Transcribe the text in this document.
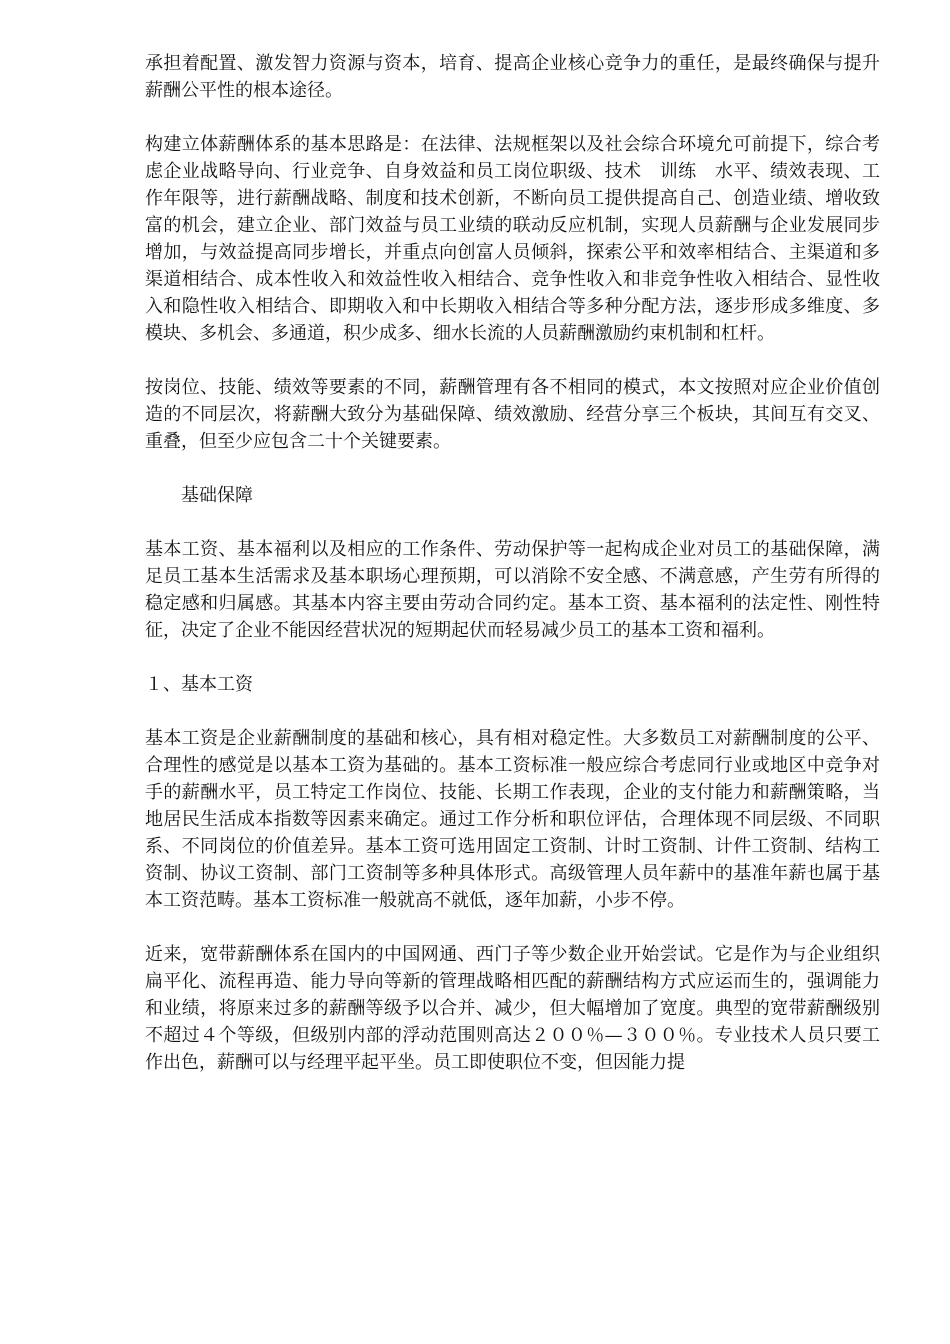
承担着配置、激发智力资源与资本，培育、提高企业核心竞争力的重任，是最终确保与提升薪酬公平性的根本途径。

构建立体薪酬体系的基本思路是：在法律、法规框架以及社会综合环境允可前提下，综合考虑企业战略导向、行业竞争、自身效益和员工岗位职级、技术　训练　水平、绩效表现、工作年限等，进行薪酬战略、制度和技术创新，不断向员工提供提高自己、创造业绩、增收致富的机会，建立企业、部门效益与员工业绩的联动反应机制，实现人员薪酬与企业发展同步增加，与效益提高同步增长，并重点向创富人员倾斜，探索公平和效率相结合、主渠道和多渠道相结合、成本性收入和效益性收入相结合、竞争性收入和非竞争性收入相结合、显性收入和隐性收入相结合、即期收入和中长期收入相结合等多种分配方法，逐步形成多维度、多模块、多机会、多通道，积少成多、细水长流的人员薪酬激励约束机制和杠杆。

按岗位、技能、绩效等要素的不同，薪酬管理有各不相同的模式，本文按照对应企业价值创造的不同层次，将薪酬大致分为基础保障、绩效激励、经营分享三个板块，其间互有交叉、重叠，但至少应包含二十个关键要素。

基础保障

基本工资、基本福利以及相应的工作条件、劳动保护等一起构成企业对员工的基础保障，满足员工基本生活需求及基本职场心理预期，可以消除不安全感、不满意感，产生劳有所得的稳定感和归属感。其基本内容主要由劳动合同约定。基本工资、基本福利的法定性、刚性特征，决定了企业不能因经营状况的短期起伏而轻易减少员工的基本工资和福利。

１、基本工资

基本工资是企业薪酬制度的基础和核心，具有相对稳定性。大多数员工对薪酬制度的公平、合理性的感觉是以基本工资为基础的。基本工资标准一般应综合考虑同行业或地区中竞争对手的薪酬水平，员工特定工作岗位、技能、长期工作表现，企业的支付能力和薪酬策略，当地居民生活成本指数等因素来确定。通过工作分析和职位评估，合理体现不同层级、不同职系、不同岗位的价值差异。基本工资可选用固定工资制、计时工资制、计件工资制、结构工资制、协议工资制、部门工资制等多种具体形式。高级管理人员年薪中的基准年薪也属于基本工资范畴。基本工资标准一般就高不就低，逐年加薪，小步不停。

近来，宽带薪酬体系在国内的中国网通、西门子等少数企业开始尝试。它是作为与企业组织扁平化、流程再造、能力导向等新的管理战略相匹配的薪酬结构方式应运而生的，强调能力和业绩，将原来过多的薪酬等级予以合并、减少，但大幅增加了宽度。典型的宽带薪酬级别不超过４个等级，但级别内部的浮动范围则高达２００％—３００％。专业技术人员只要工作出色，薪酬可以与经理平起平坐。员工即使职位不变，但因能力提
